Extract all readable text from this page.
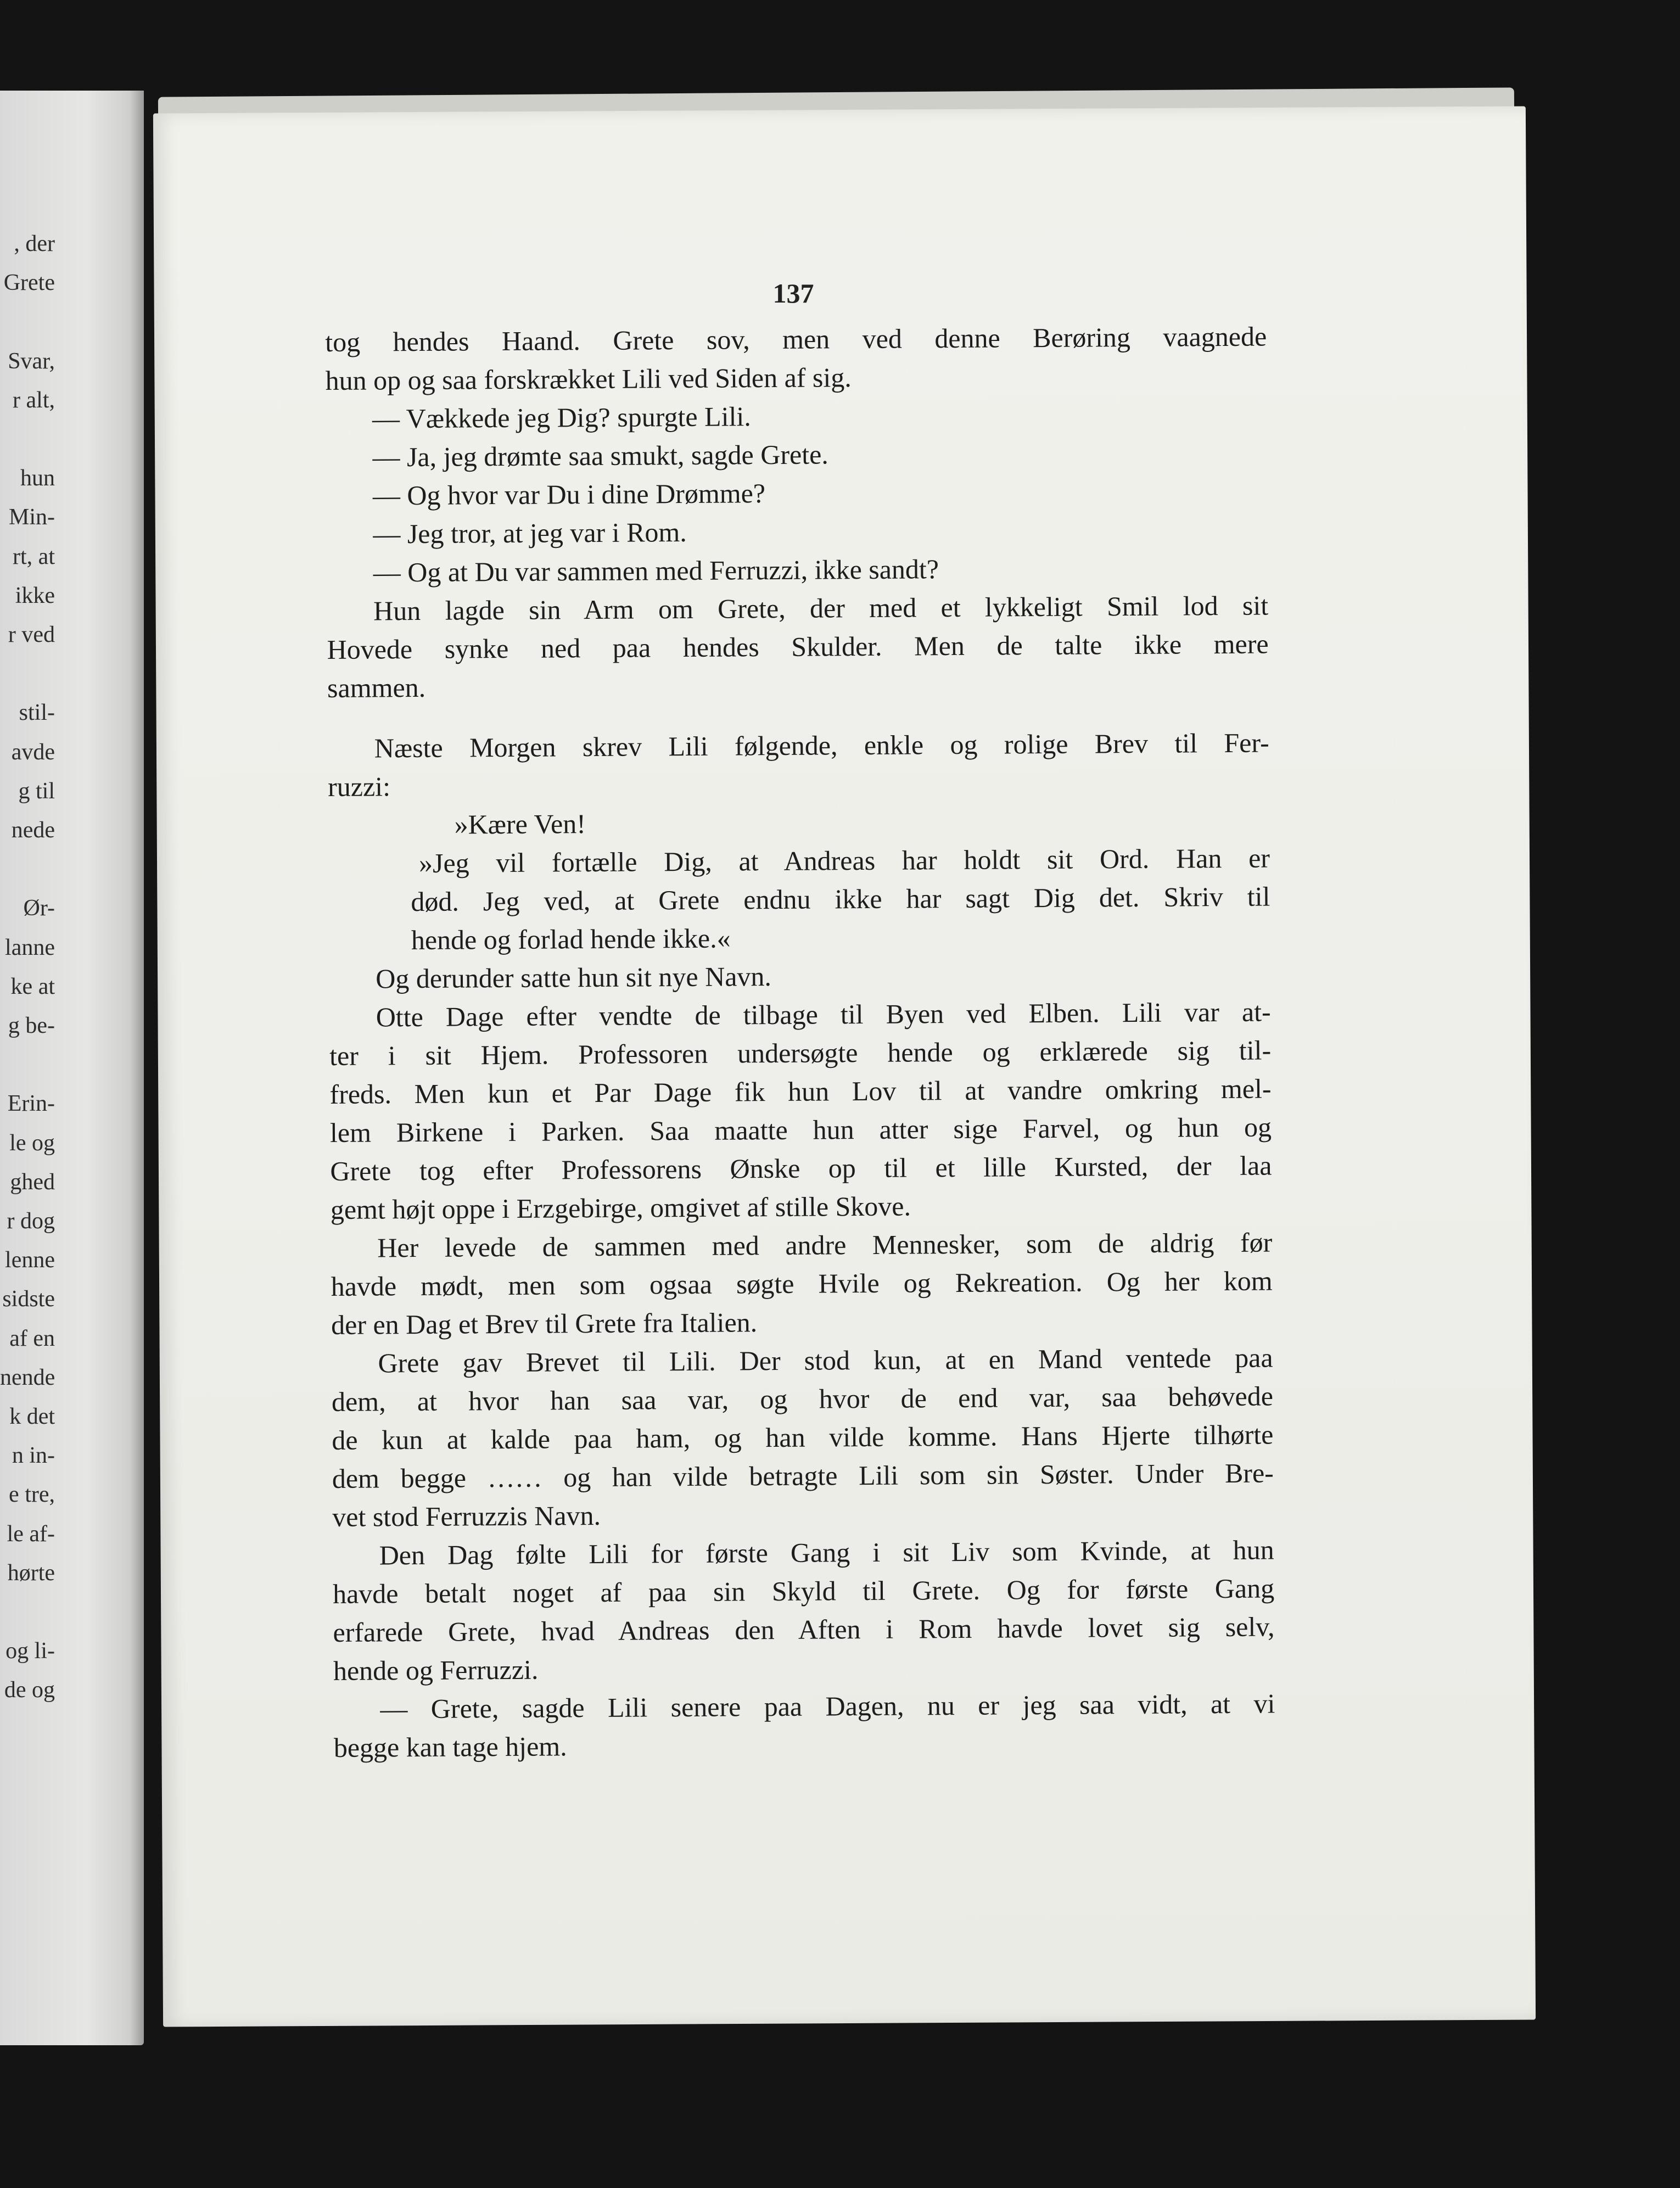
, der
Grete
Svar,
r alt,
hun
Min-
rt, at
ikke
r ved
stil-
avde
g til
nede
Ør-
lanne
ke at
g be-
Erin-
le og
ghed
r dog
lenne
sidste
af en
nende
k det
n in-
e tre,
le af-
hørte
og li-
de og
137
tog hendes Haand. Grete sov, men ved denne Berøring vaagnede
hun op og saa forskrækket Lili ved Siden af sig.
— Vækkede jeg Dig? spurgte Lili.
— Ja, jeg drømte saa smukt, sagde Grete.
— Og hvor var Du i dine Drømme?
— Jeg tror, at jeg var i Rom.
— Og at Du var sammen med Ferruzzi, ikke sandt?
Hun lagde sin Arm om Grete, der med et lykkeligt Smil lod sit
Hovede synke ned paa hendes Skulder. Men de talte ikke mere
sammen.
Næste Morgen skrev Lili følgende, enkle og rolige Brev til Fer-
ruzzi:
»Kære Ven!
»Jeg vil fortælle Dig, at Andreas har holdt sit Ord. Han er
død. Jeg ved, at Grete endnu ikke har sagt Dig det. Skriv til
hende og forlad hende ikke.«
Og derunder satte hun sit nye Navn.
Otte Dage efter vendte de tilbage til Byen ved Elben. Lili var at-
ter i sit Hjem. Professoren undersøgte hende og erklærede sig til-
freds. Men kun et Par Dage fik hun Lov til at vandre omkring mel-
lem Birkene i Parken. Saa maatte hun atter sige Farvel, og hun og
Grete tog efter Professorens Ønske op til et lille Kursted, der laa
gemt højt oppe i Erzgebirge, omgivet af stille Skove.
Her levede de sammen med andre Mennesker, som de aldrig før
havde mødt, men som ogsaa søgte Hvile og Rekreation. Og her kom
der en Dag et Brev til Grete fra Italien.
Grete gav Brevet til Lili. Der stod kun, at en Mand ventede paa
dem, at hvor han saa var, og hvor de end var, saa behøvede
de kun at kalde paa ham, og han vilde komme. Hans Hjerte tilhørte
dem begge …… og han vilde betragte Lili som sin Søster. Under Bre-
vet stod Ferruzzis Navn.
Den Dag følte Lili for første Gang i sit Liv som Kvinde, at hun
havde betalt noget af paa sin Skyld til Grete. Og for første Gang
erfarede Grete, hvad Andreas den Aften i Rom havde lovet sig selv,
hende og Ferruzzi.
— Grete, sagde Lili senere paa Dagen, nu er jeg saa vidt, at vi
begge kan tage hjem.
